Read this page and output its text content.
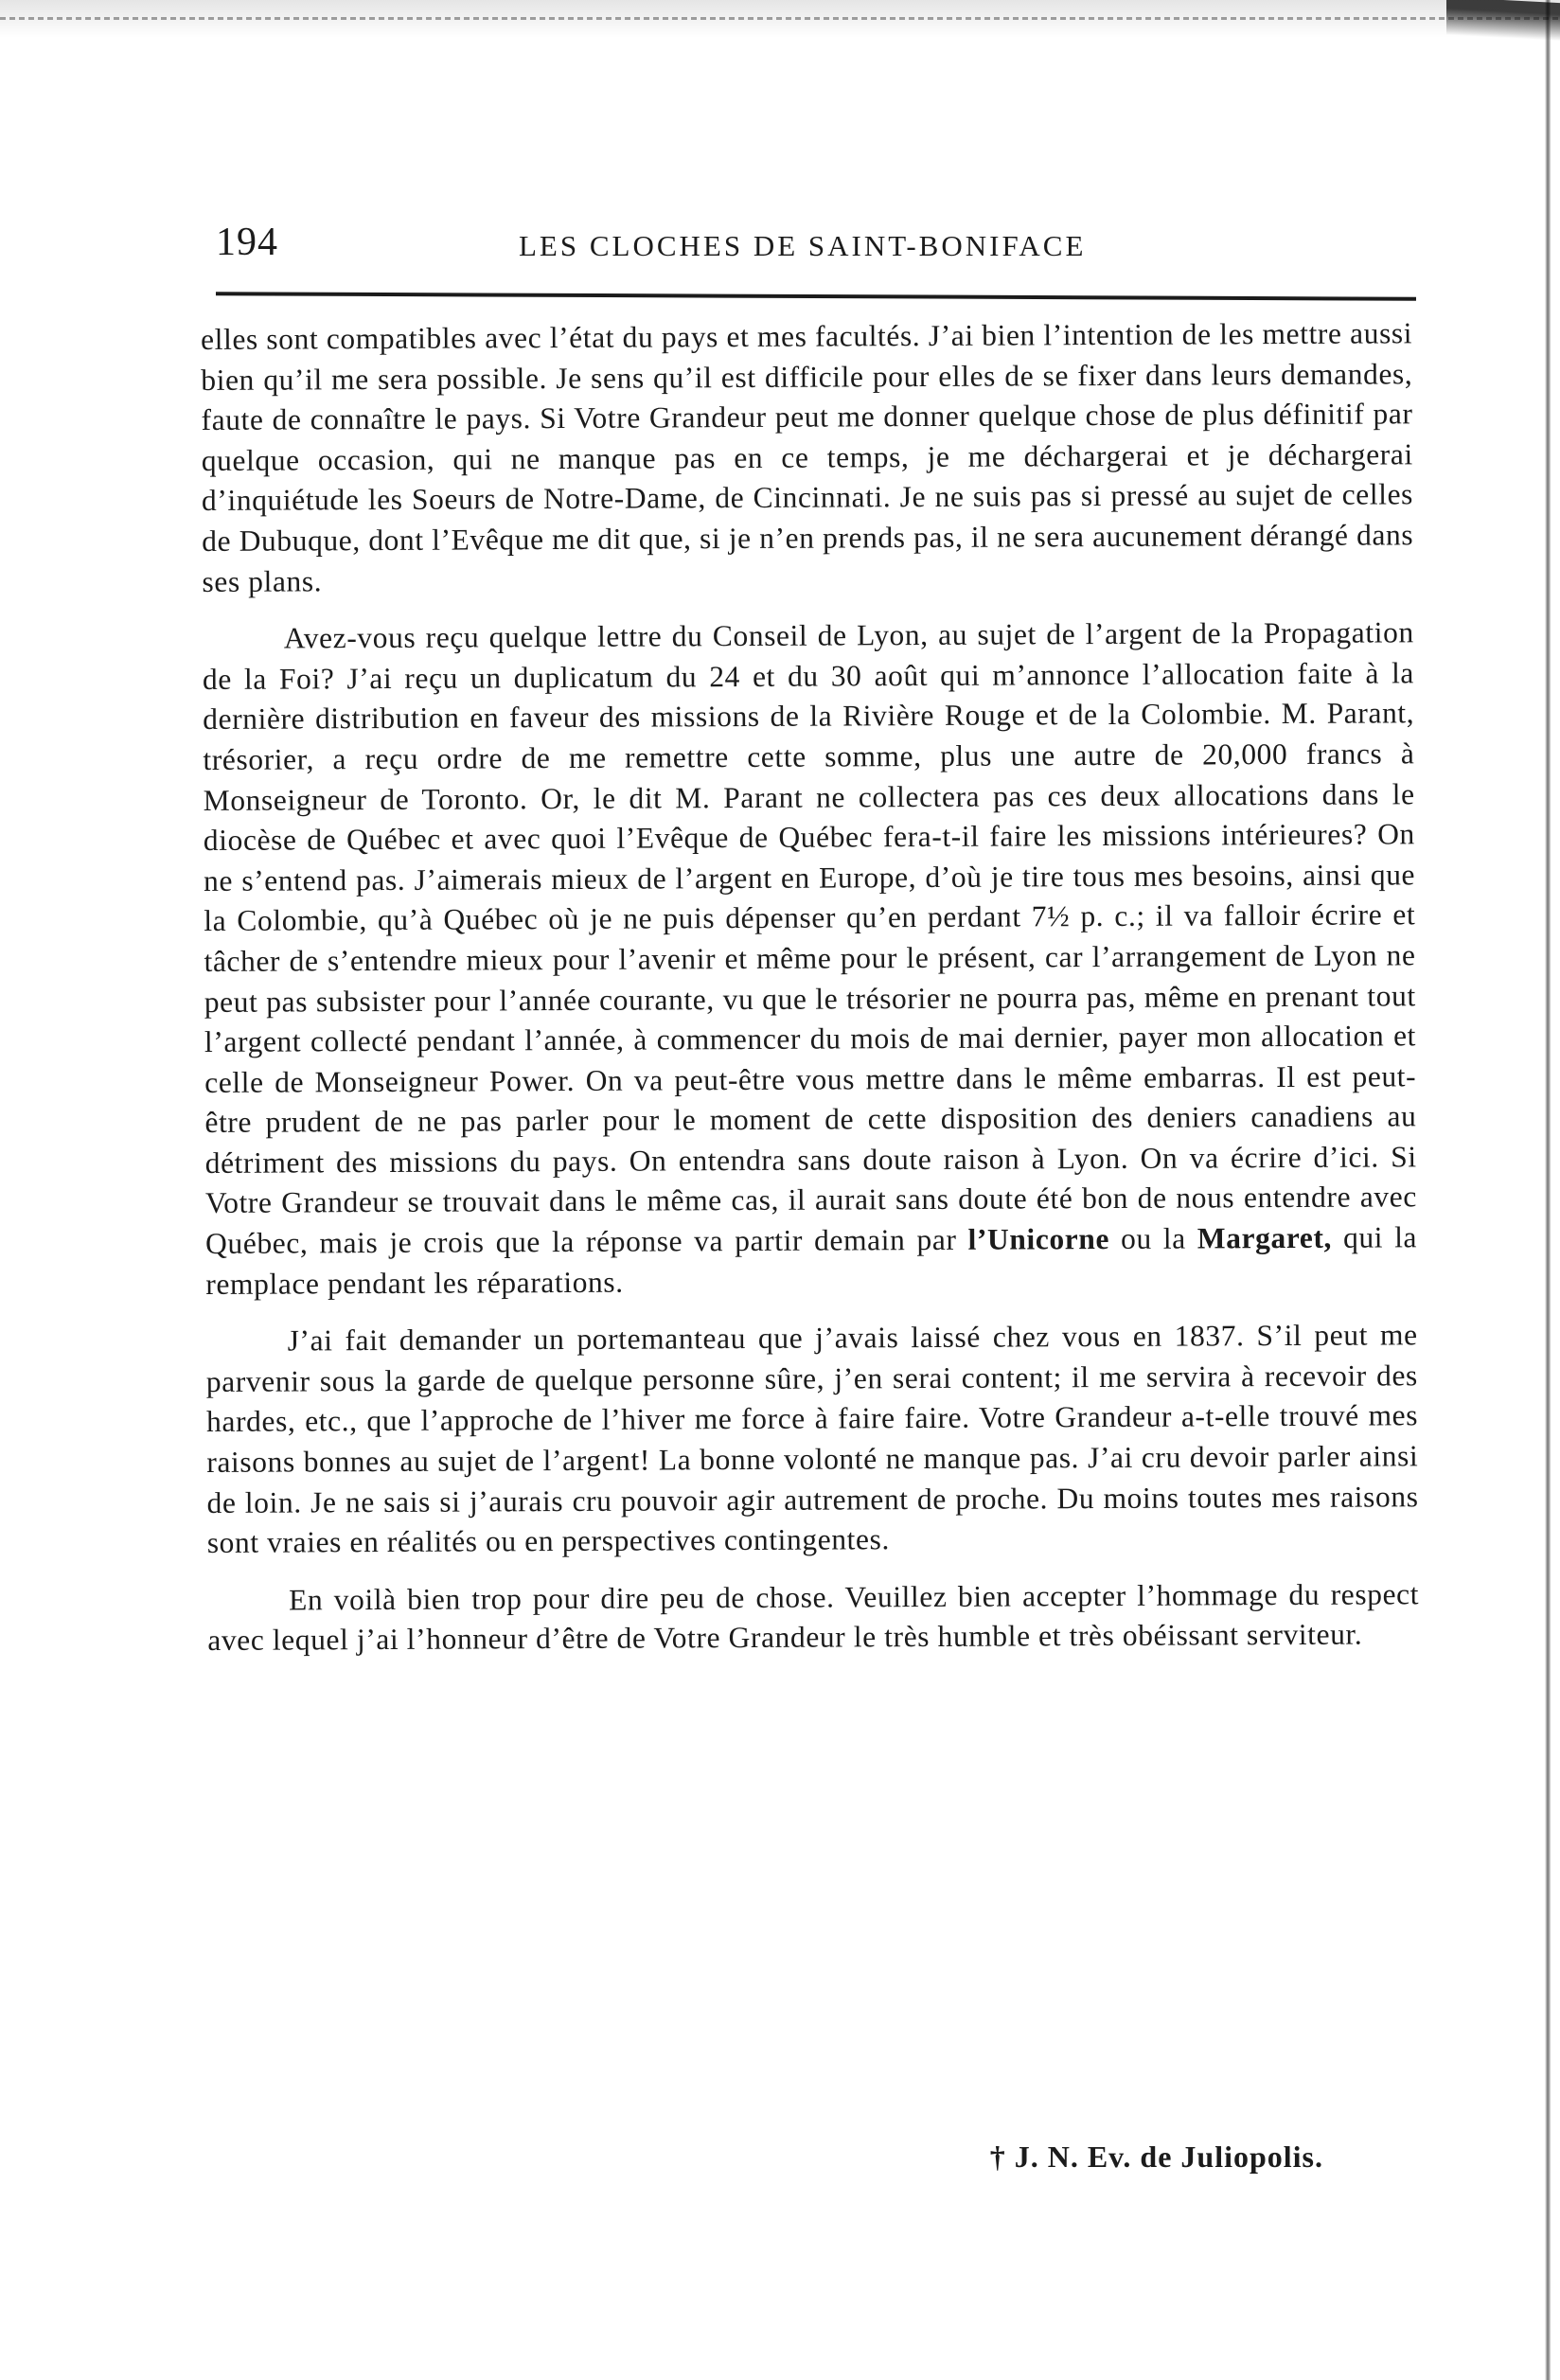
194	LES CLOCHES DE SAINT-BONIFACE

elles sont compatibles avec l’état du pays et mes facultés. J’ai bien l’intention de les mettre aussi bien qu’il me sera possible. Je sens qu’il est difficile pour elles de se fixer dans leurs demandes, faute de connaître le pays. Si Votre Grandeur peut me donner quelque chose de plus définitif par quelque occasion, qui ne manque pas en ce temps, je me déchargerai et je déchargerai d’inquiétude les Soeurs de Notre-Dame, de Cincinnati. Je ne suis pas si pressé au sujet de celles de Dubuque, dont l’Evêque me dit que, si je n’en prends pas, il ne sera aucunement dérangé dans ses plans.

Avez-vous reçu quelque lettre du Conseil de Lyon, au sujet de l’argent de la Propagation de la Foi? J’ai reçu un duplicatum du 24 et du 30 août qui m’annonce l’allocation faite à la dernière distribution en faveur des missions de la Rivière Rouge et de la Colombie. M. Parant, trésorier, a reçu ordre de me remettre cette somme, plus une autre de 20,000 francs à Monseigneur de Toronto. Or, le dit M. Parant ne collectera pas ces deux allocations dans le diocèse de Québec et avec quoi l’Evêque de Québec fera-t-il faire les missions intérieures? On ne s’entend pas. J’aimerais mieux de l’argent en Europe, d’où je tire tous mes besoins, ainsi que la Colombie, qu’à Québec où je ne puis dépenser qu’en perdant 7½ p. c.; il va falloir écrire et tâcher de s’entendre mieux pour l’avenir et même pour le présent, car l’arrangement de Lyon ne peut pas subsister pour l’année courante, vu que le trésorier ne pourra pas, même en prenant tout l’argent collecté pendant l’année, à commencer du mois de mai dernier, payer mon allocation et celle de Monseigneur Power. On va peut-être vous mettre dans le même embarras. Il est peut-être prudent de ne pas parler pour le moment de cette disposition des deniers canadiens au détriment des missions du pays. On entendra sans doute raison à Lyon. On va écrire d’ici. Si Votre Grandeur se trouvait dans le même cas, il aurait sans doute été bon de nous entendre avec Québec, mais je crois que la réponse va partir demain par l’Unicorne ou la Margaret, qui la remplace pendant les réparations.

J’ai fait demander un portemanteau que j’avais laissé chez vous en 1837. S’il peut me parvenir sous la garde de quelque personne sûre, j’en serai content; il me servira à recevoir des hardes, etc., que l’approche de l’hiver me force à faire faire. Votre Grandeur a-t-elle trouvé mes raisons bonnes au sujet de l’argent! La bonne volonté ne manque pas. J’ai cru devoir parler ainsi de loin. Je ne sais si j’aurais cru pouvoir agir autrement de proche. Du moins toutes mes raisons sont vraies en réalités ou en perspectives contingentes.

En voilà bien trop pour dire peu de chose. Veuillez bien accepter l’hommage du respect avec lequel j’ai l’honneur d’être de Votre Grandeur le très humble et très obéissant serviteur.

† J. N. Ev. de Juliopolis.
